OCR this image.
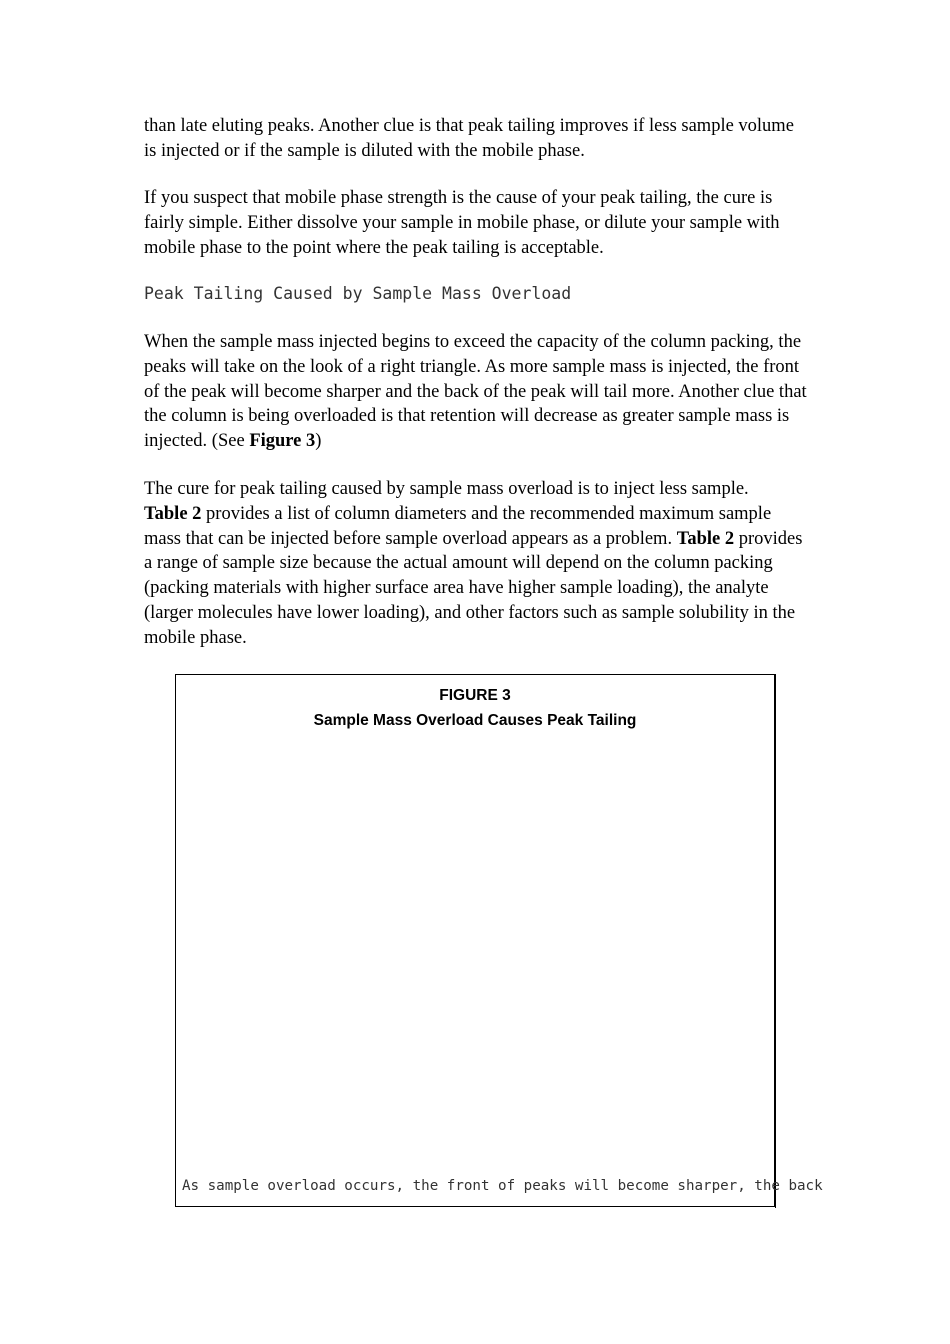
than late eluting peaks. Another clue is that peak tailing improves if less sample volume is injected or if the sample is diluted with the mobile phase.

If you suspect that mobile phase strength is the cause of your peak tailing, the cure is fairly simple. Either dissolve your sample in mobile phase, or dilute your sample with mobile phase to the point where the peak tailing is acceptable.

Peak Tailing Caused by Sample Mass Overload

When the sample mass injected begins to exceed the capacity of the column packing, the peaks will take on the look of a right triangle. As more sample mass is injected, the front of the peak will become sharper and the back of the peak will tail more. Another clue that the column is being overloaded is that retention will decrease as greater sample mass is injected. (See Figure 3)

The cure for peak tailing caused by sample mass overload is to inject less sample.
Table 2 provides a list of column diameters and the recommended maximum sample mass that can be injected before sample overload appears as a problem. Table 2 provides a range of sample size because the actual amount will depend on the column packing (packing materials with higher surface area have higher sample loading), the analyte (larger molecules have lower loading), and other factors such as sample solubility in the mobile phase.

FIGURE 3
Sample Mass Overload Causes Peak Tailing
As sample overload occurs, the front of peaks will become sharper, the back
